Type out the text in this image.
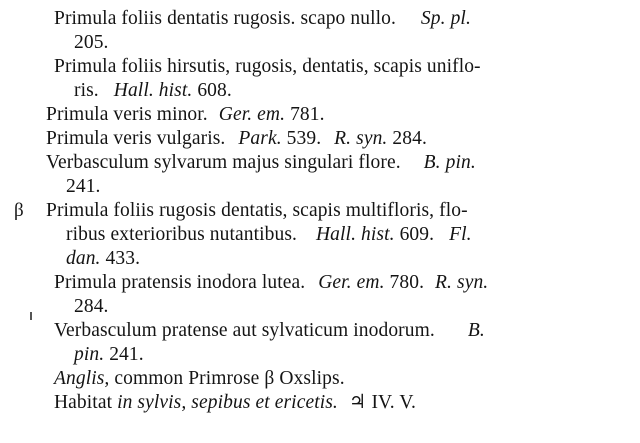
Primula foliis dentatis rugosis. scapo nullo. Sp. pl.
205.
Primula foliis hirsutis, rugosis, dentatis, scapis uniflo-
ris. Hall. hist. 608.
Primula veris minor. Ger. em. 781.
Primula veris vulgaris. Park. 539. R. syn. 284.
Verbasculum sylvarum majus singulari flore. B. pin.
241.
β Primula foliis rugosis dentatis, scapis multifloris, flo-
ribus exterioribus nutantibus. Hall. hist. 609. Fl.
dan. 433.
Primula pratensis inodora lutea. Ger. em. 780. R. syn.
284.
Verbasculum pratense aut sylvaticum inodorum. B.
pin. 241.
Anglis, common Primrose β Oxslips.
Habitat in sylvis, sepibus et ericetis. ♃ IV. V.
